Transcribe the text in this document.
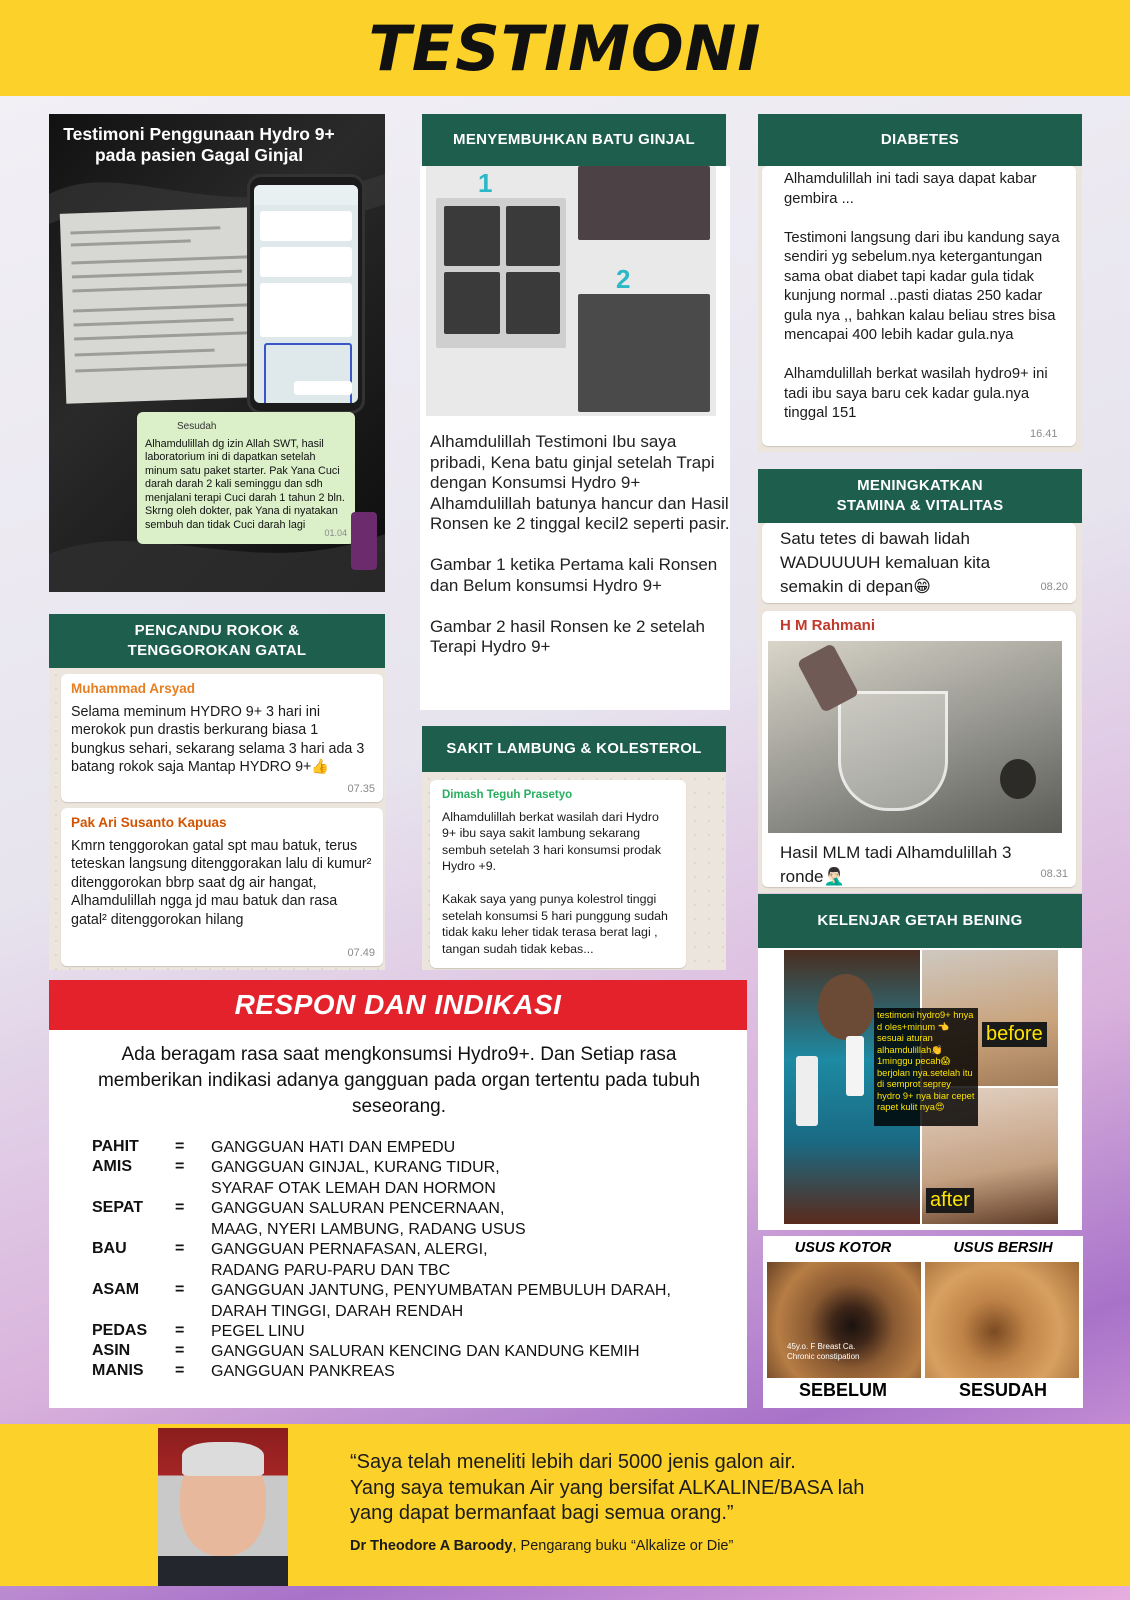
TESTIMONI
Testimoni Penggunaan Hydro 9+ pada pasien Gagal Ginjal
Sesudah
Alhamdulillah dg izin Allah SWT, hasil laboratorium ini di dapatkan setelah minum satu paket starter. Pak Yana Cuci darah darah 2 kali seminggu dan sdh menjalani terapi Cuci darah 1 tahun 2 bln. Skrng oleh dokter, pak Yana di nyatakan sembuh dan tidak Cuci darah lagi
01.04
MENYEMBUHKAN BATU GINJAL
1
2
Alhamdulillah Testimoni Ibu saya pribadi, Kena batu ginjal setelah Trapi dengan Konsumsi Hydro 9+ Alhamdulillah batunya hancur dan Hasil Ronsen ke 2 tinggal kecil2 seperti pasir.

Gambar 1 ketika Pertama kali Ronsen dan Belum konsumsi Hydro 9+

Gambar 2 hasil Ronsen ke 2 setelah Terapi Hydro 9+
DIABETES
Alhamdulillah ini tadi saya dapat kabar gembira ...

Testimoni langsung dari ibu kandung saya sendiri yg sebelum.nya ketergantungan sama obat diabet tapi kadar gula tidak kunjung normal ..pasti diatas 250 kadar gula nya ,, bahkan kalau beliau stres bisa mencapai 400 lebih kadar gula.nya

Alhamdulillah berkat wasilah hydro9+ ini tadi ibu saya baru cek kadar gula.nya tinggal 151
16.41
MENINGKATKAN
STAMINA & VITALITAS
Satu tetes di bawah lidah WADUUUUH kemaluan kita semakin di depan😁	08.20
H M Rahmani
Hasil MLM tadi Alhamdulillah 3 ronde🤦🏻‍♂️	08.31
PENCANDU ROKOK &
TENGGOROKAN GATAL
Muhammad Arsyad
Selama meminum HYDRO 9+ 3 hari ini merokok pun drastis berkurang biasa 1 bungkus sehari, sekarang selama 3 hari ada 3 batang rokok saja Mantap HYDRO 9+👍
07.35
Pak Ari Susanto Kapuas
Kmrn tenggorokan gatal spt mau batuk, terus teteskan langsung ditenggorakan lalu di kumur² ditenggorokan bbrp saat dg air hangat, Alhamdulillah ngga jd mau batuk dan rasa gatal² ditenggorokan hilang
07.49
SAKIT LAMBUNG & KOLESTEROL
Dimash Teguh Prasetyo
Alhamdulillah berkat wasilah dari Hydro 9+ ibu saya sakit lambung sekarang sembuh setelah 3 hari konsumsi prodak Hydro +9.

Kakak saya yang punya kolestrol tinggi setelah konsumsi 5 hari punggung sudah tidak kaku leher tidak terasa berat lagi , tangan sudah tidak kebas...
KELENJAR GETAH BENING
testimoni hydro9+ hnya d oles+minum 👈sesuai aturan alhamdulillah👏 1minggu pecah😱 berjolan nya.setelah itu di semprot seprey hydro 9+ nya biar cepet rapet kulit nya😍
before
after
USUS KOTOR	USUS BERSIH
45y.o. F Breast Ca. Chronic constipation
SEBELUM	SESUDAH
RESPON DAN INDIKASI
Ada beragam rasa saat mengkonsumsi Hydro9+. Dan Setiap rasa memberikan indikasi adanya gangguan pada organ tertentu pada tubuh seseorang.
PAHIT = GANGGUAN HATI DAN EMPEDU
AMIS	= GANGGUAN GINJAL, KURANG TIDUR,
SYARAF OTAK LEMAH DAN HORMON
SEPAT = GANGGUAN SALURAN PENCERNAAN,
MAAG, NYERI LAMBUNG, RADANG USUS
BAU	= GANGGUAN PERNAFASAN, ALERGI,
RADANG PARU-PARU DAN TBC
ASAM = GANGGUAN JANTUNG, PENYUMBATAN PEMBULUH DARAH,
DARAH TINGGI, DARAH RENDAH
PEDAS = PEGEL LINU
ASIN	= GANGGUAN SALURAN KENCING DAN KANDUNG KEMIH
MANIS = GANGGUAN PANKREAS
“Saya telah meneliti lebih dari 5000 jenis galon air.
Yang saya temukan Air yang bersifat ALKALINE/BASA lah
yang dapat bermanfaat bagi semua orang.”
Dr Theodore A Baroody, Pengarang buku “Alkalize or Die”
